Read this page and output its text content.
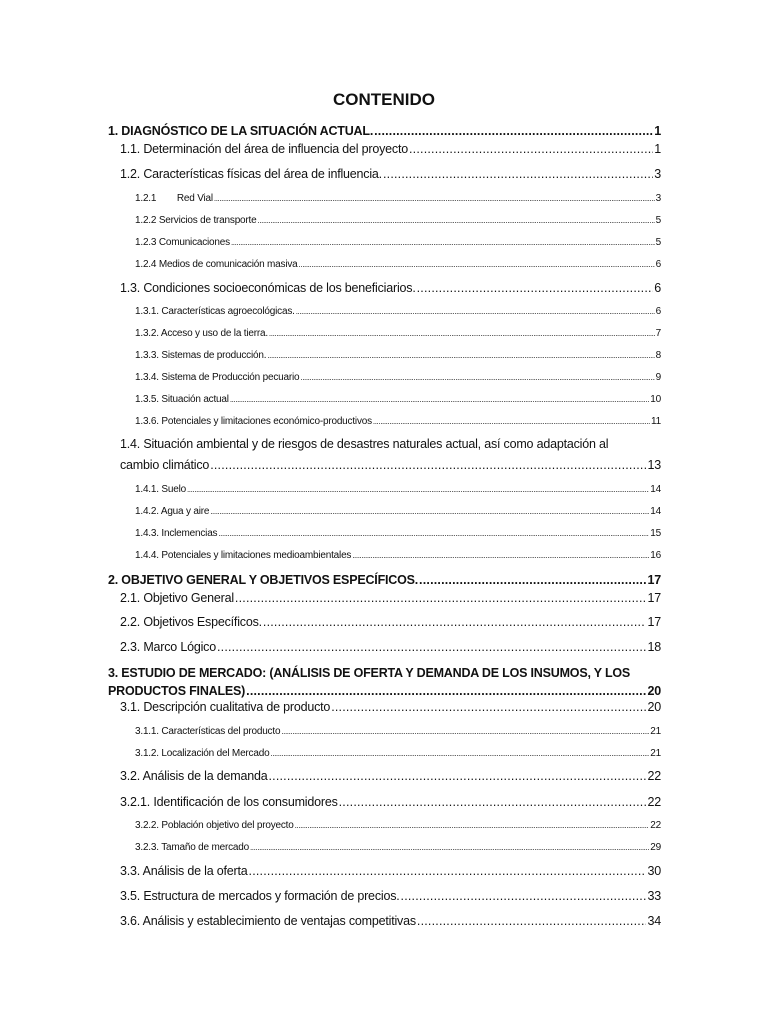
CONTENIDO
1. DIAGNÓSTICO DE LA SITUACIÓN ACTUAL. .....	1
1.1. Determinación del área de influencia del proyecto .....	1
1.2. Características físicas del área de influencia. .....	3
1.2.1        Red Vial .....	3
1.2.2 Servicios de transporte .....	5
1.2.3 Comunicaciones .....	5
1.2.4 Medios de comunicación masiva .....	6
1.3. Condiciones socioeconómicas de los beneficiarios. .....	6
1.3.1. Características agroecológicas. .....	6
1.3.2. Acceso y uso de la tierra. .....	7
1.3.3. Sistemas de producción. .....	8
1.3.4. Sistema de Producción pecuario .....	9
1.3.5. Situación actual .....	10
1.3.6. Potenciales y limitaciones económico-productivos .....	11
1.4. Situación ambiental y de riesgos de desastres naturales actual, así como adaptación al
cambio climático .....	13
1.4.1. Suelo .....	14
1.4.2. Agua y aire .....	14
1.4.3. Inclemencias .....	15
1.4.4. Potenciales y limitaciones medioambientales .....	16
2. OBJETIVO GENERAL Y OBJETIVOS ESPECÍFICOS. .....	17
2.1. Objetivo General .....	17
2.2. Objetivos Específicos. .....	17
2.3. Marco Lógico .....	18
3. ESTUDIO DE MERCADO: (ANÁLISIS DE OFERTA Y DEMANDA DE LOS INSUMOS, Y LOS
PRODUCTOS FINALES) .....	20
3.1. Descripción cualitativa de producto .....	20
3.1.1. Características del producto .....	21
3.1.2. Localización del Mercado .....	21
3.2. Análisis de la demanda .....	22
3.2.1. Identificación de los consumidores .....	22
3.2.2. Población objetivo del proyecto .....	22
3.2.3. Tamaño de mercado .....	29
3.3. Análisis de la oferta .....	30
3.5. Estructura de mercados y formación de precios. .....	33
3.6. Análisis y establecimiento de ventajas competitivas .....	34
